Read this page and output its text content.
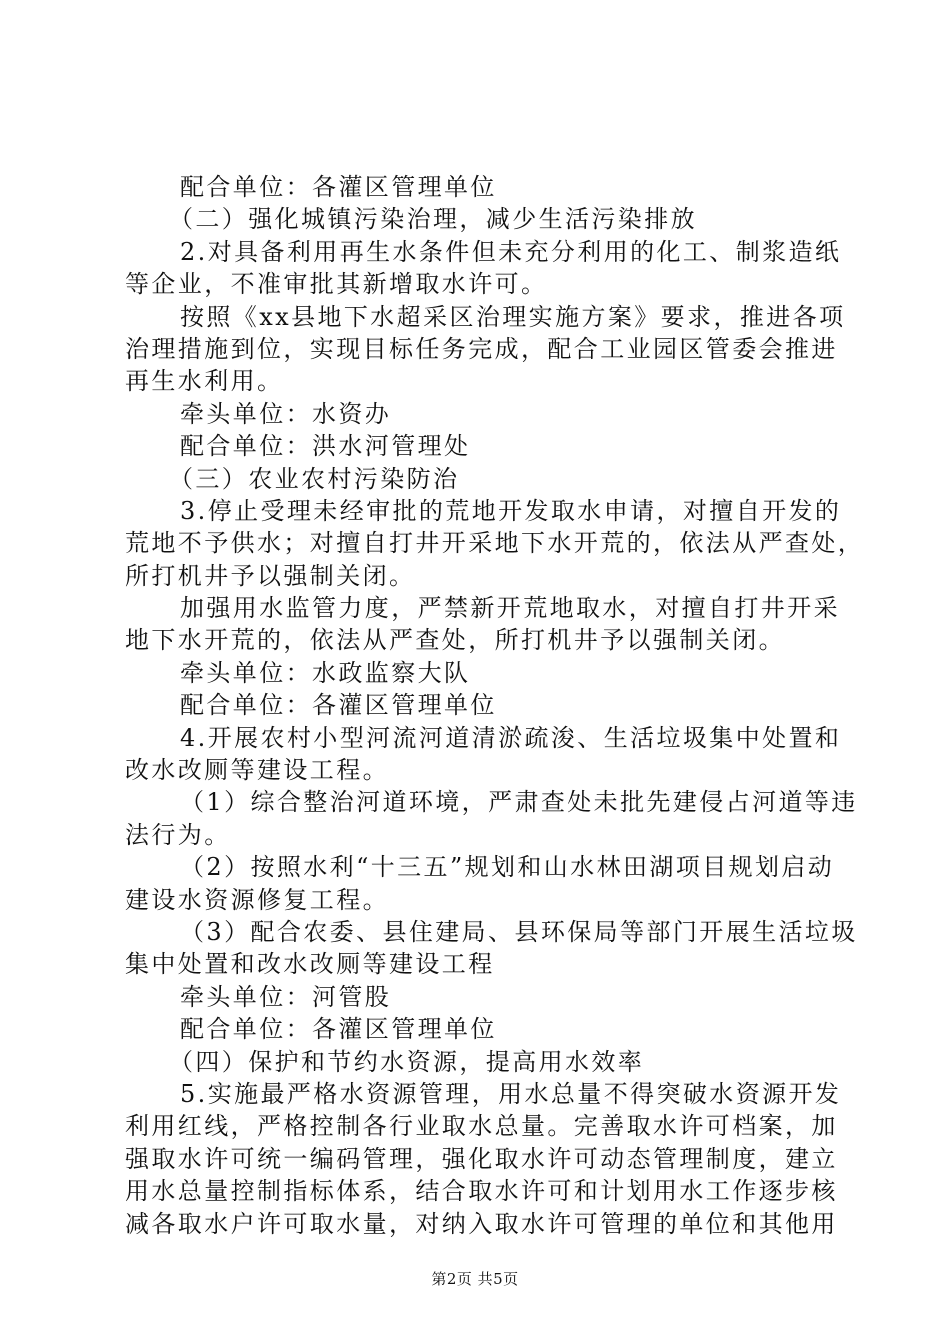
配合单位：各灌区管理单位
（二）强化城镇污染治理，减少生活污染排放
2.对具备利用再生水条件但未充分利用的化工、制浆造纸
等企业，不准审批其新增取水许可。
按照《xx县地下水超采区治理实施方案》要求，推进各项
治理措施到位，实现目标任务完成，配合工业园区管委会推进
再生水利用。
牵头单位：水资办
配合单位：洪水河管理处
（三）农业农村污染防治
3.停止受理未经审批的荒地开发取水申请，对擅自开发的
荒地不予供水；对擅自打井开采地下水开荒的，依法从严查处，
所打机井予以强制关闭。
加强用水监管力度，严禁新开荒地取水，对擅自打井开采
地下水开荒的，依法从严查处，所打机井予以强制关闭。
牵头单位：水政监察大队
配合单位：各灌区管理单位
4.开展农村小型河流河道清淤疏浚、生活垃圾集中处置和
改水改厕等建设工程。
（1）综合整治河道环境，严肃查处未批先建侵占河道等违
法行为。
（2）按照水利“十三五”规划和山水林田湖项目规划启动
建设水资源修复工程。
（3）配合农委、县住建局、县环保局等部门开展生活垃圾
集中处置和改水改厕等建设工程
牵头单位：河管股
配合单位：各灌区管理单位
（四）保护和节约水资源，提高用水效率
5.实施最严格水资源管理，用水总量不得突破水资源开发
利用红线，严格控制各行业取水总量。完善取水许可档案，加
强取水许可统一编码管理，强化取水许可动态管理制度，建立
用水总量控制指标体系，结合取水许可和计划用水工作逐步核
减各取水户许可取水量，对纳入取水许可管理的单位和其他用
第2页 共5页
